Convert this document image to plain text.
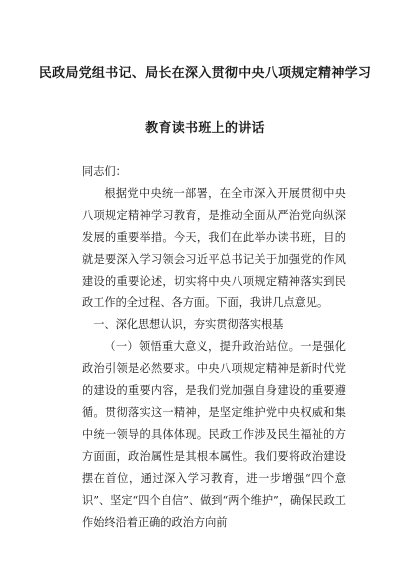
民政局党组书记、局长在深入贯彻中央八项规定精神学习
教育读书班上的讲话

同志们：

根据党中央统一部署，在全市深入开展贯彻中央八项规定精神学习教育，是推动全面从严治党向纵深发展的重要举措。今天，我们在此举办读书班，目的就是要深入学习领会习近平总书记关于加强党的作风建设的重要论述，切实将中央八项规定精神落实到民政工作的全过程、各方面。下面，我讲几点意见。

一、深化思想认识，夯实贯彻落实根基

（一）领悟重大意义，提升政治站位。一是强化政治引领是必然要求。中央八项规定精神是新时代党的建设的重要内容，是我们党加强自身建设的重要遵循。贯彻落实这一精神，是坚定维护党中央权威和集中统一领导的具体体现。民政工作涉及民生福祉的方方面面，政治属性是其根本属性。我们要将政治建设摆在首位，通过深入学习教育，进一步增强“四个意识”、坚定“四个自信”、做到“两个维护”，确保民政工作始终沿着正确的政治方向前
